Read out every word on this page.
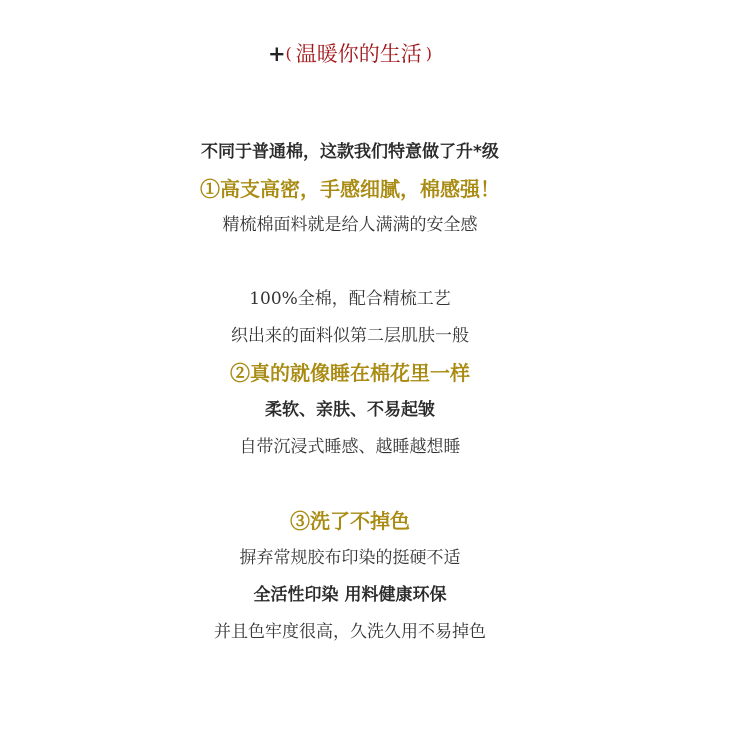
+( 温暖你的生活 )
不同于普通棉，这款我们特意做了升*级
①高支高密，手感细腻，棉感强！
精梳棉面料就是给人满满的安全感
100%全棉，配合精梳工艺
织出来的面料似第二层肌肤一般
②真的就像睡在棉花里一样
柔软、亲肤、不易起皱
自带沉浸式睡感、越睡越想睡
③洗了不掉色
摒弃常规胶布印染的挺硬不适
全活性印染 用料健康环保
并且色牢度很高，久洗久用不易掉色
